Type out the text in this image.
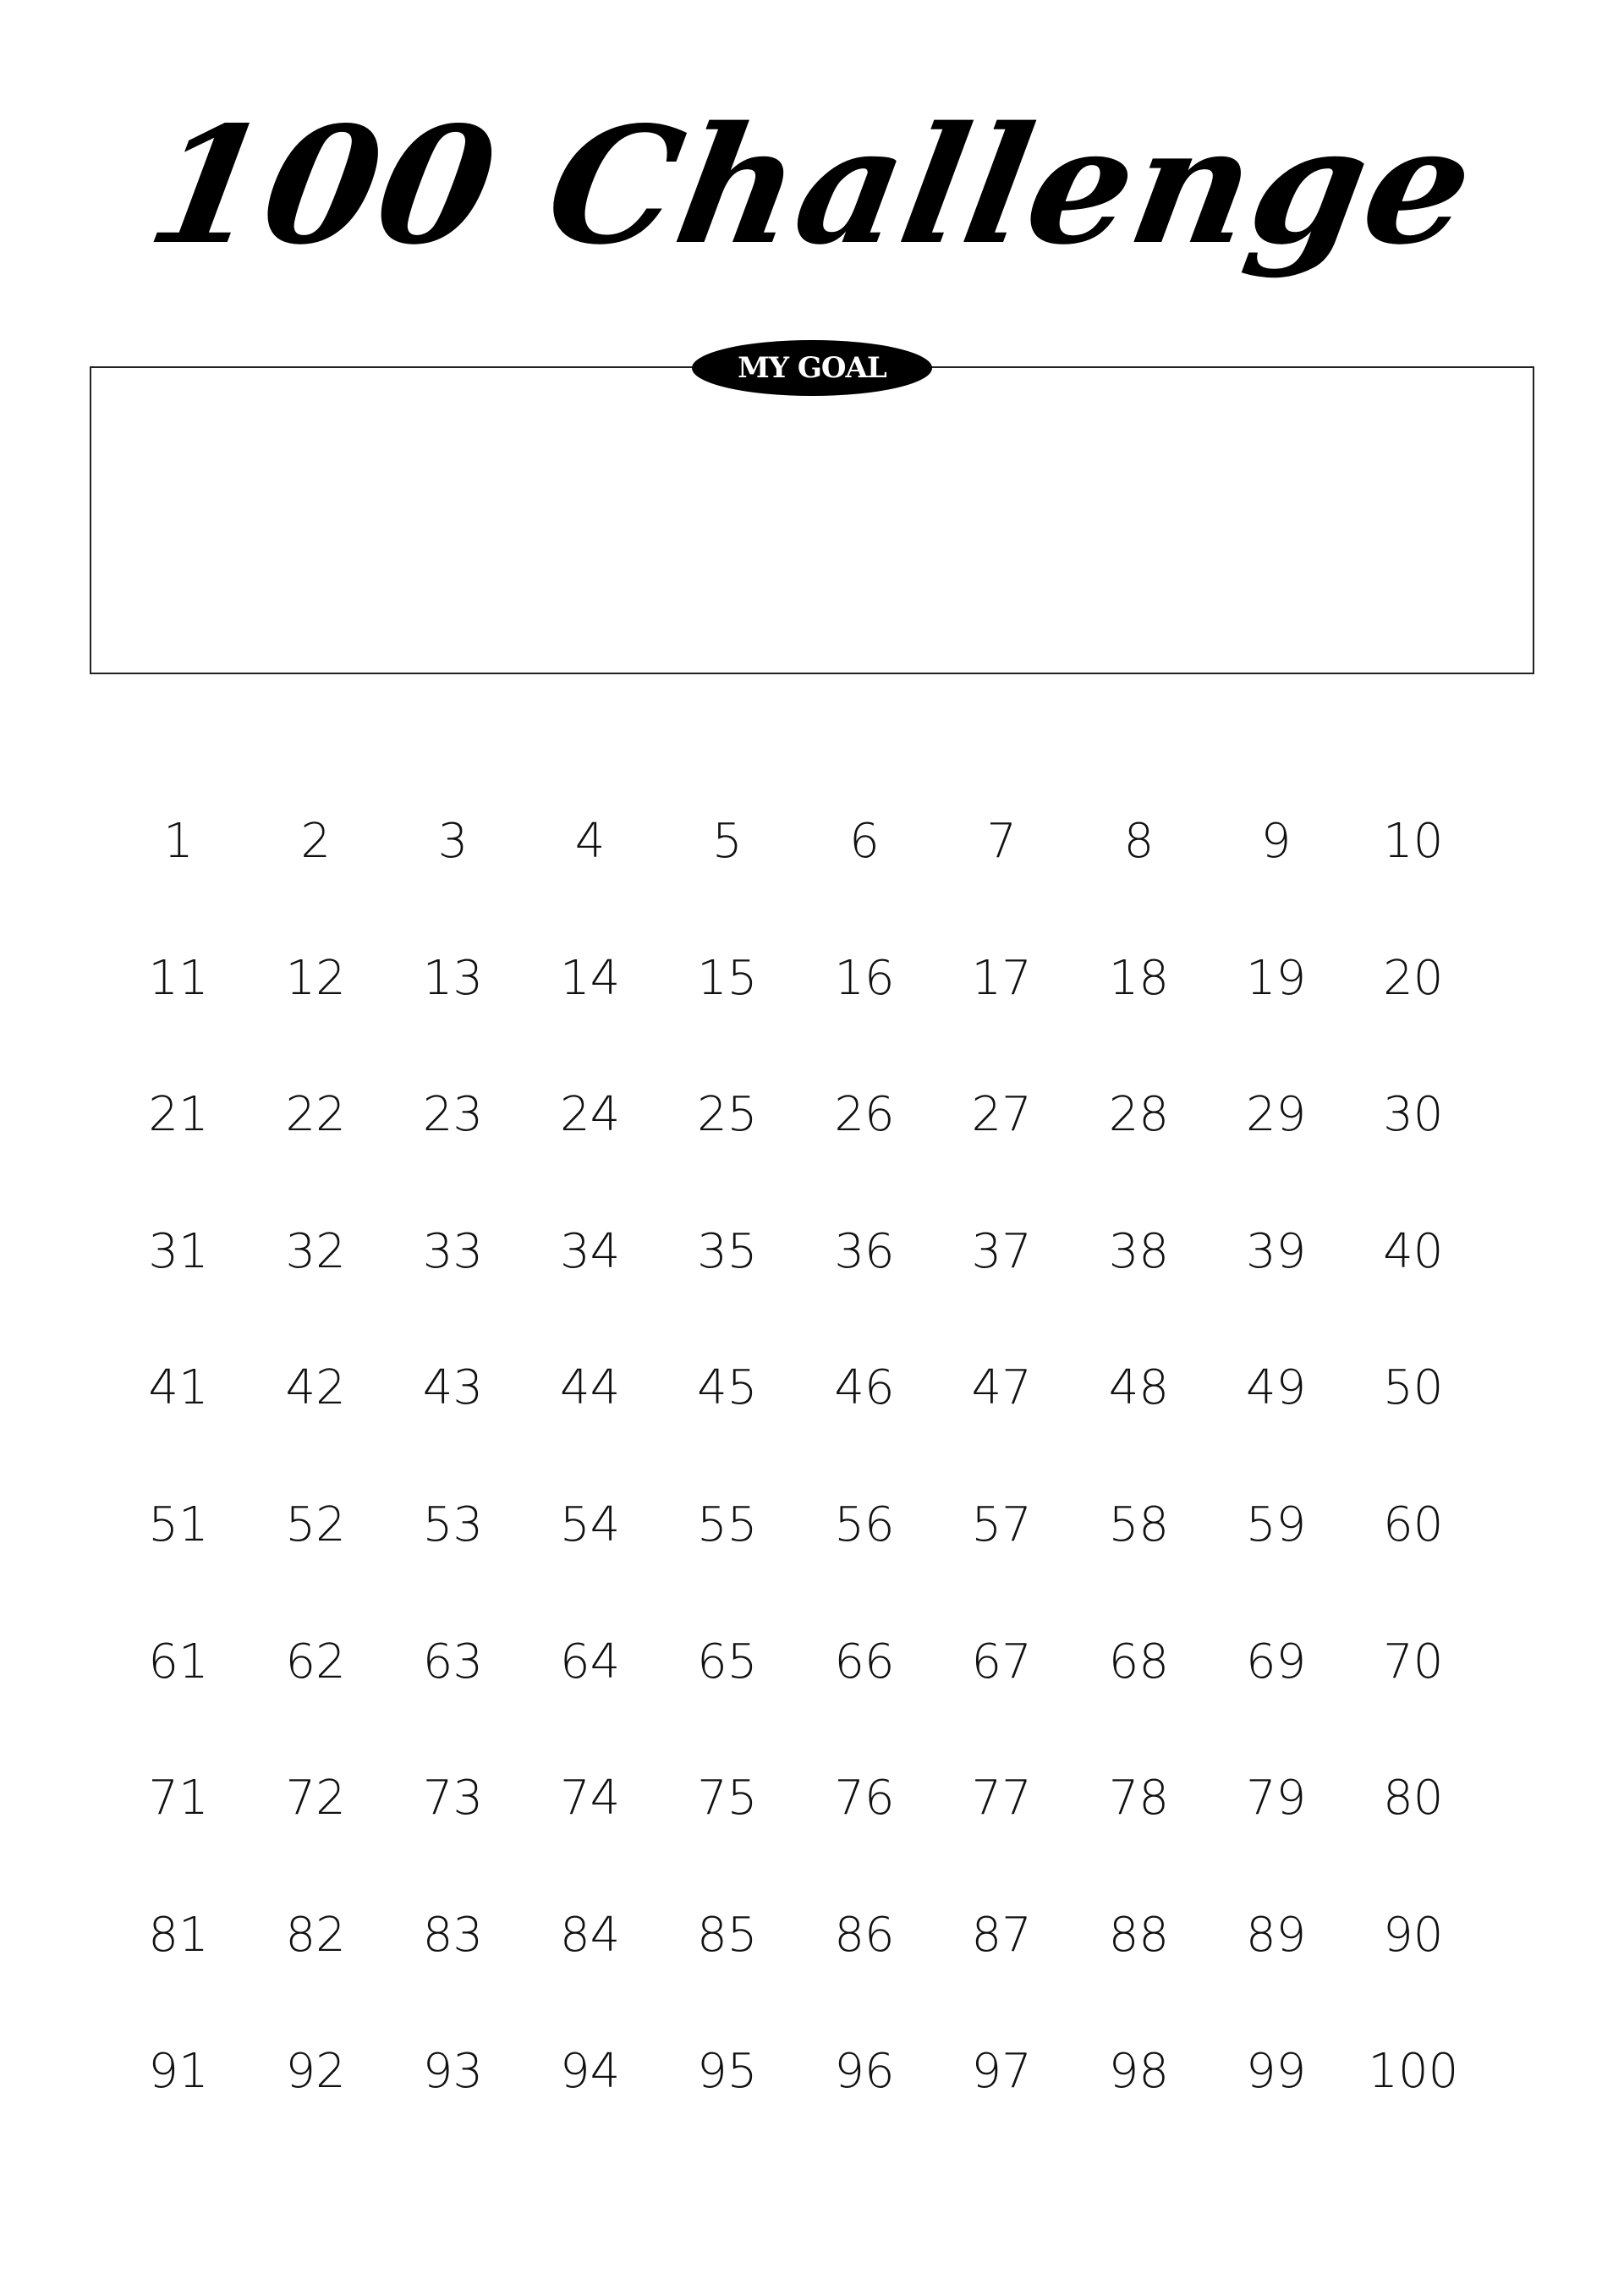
100 Challenge
MY GOAL
1	2	3	4	5	6	7	8	9	10
11	12	13	14	15	16	17	18	19	20
21	22	23	24	25	26	27	28	29	30
31	32	33	34	35	36	37	38	39	40
41	42	43	44	45	46	47	48	49	50
51	52	53	54	55	56	57	58	59	60
61	62	63	64	65	66	67	68	69	70
71	72	73	74	75	76	77	78	79	80
81	82	83	84	85	86	87	88	89	90
91	92	93	94	95	96	97	98	99	100
